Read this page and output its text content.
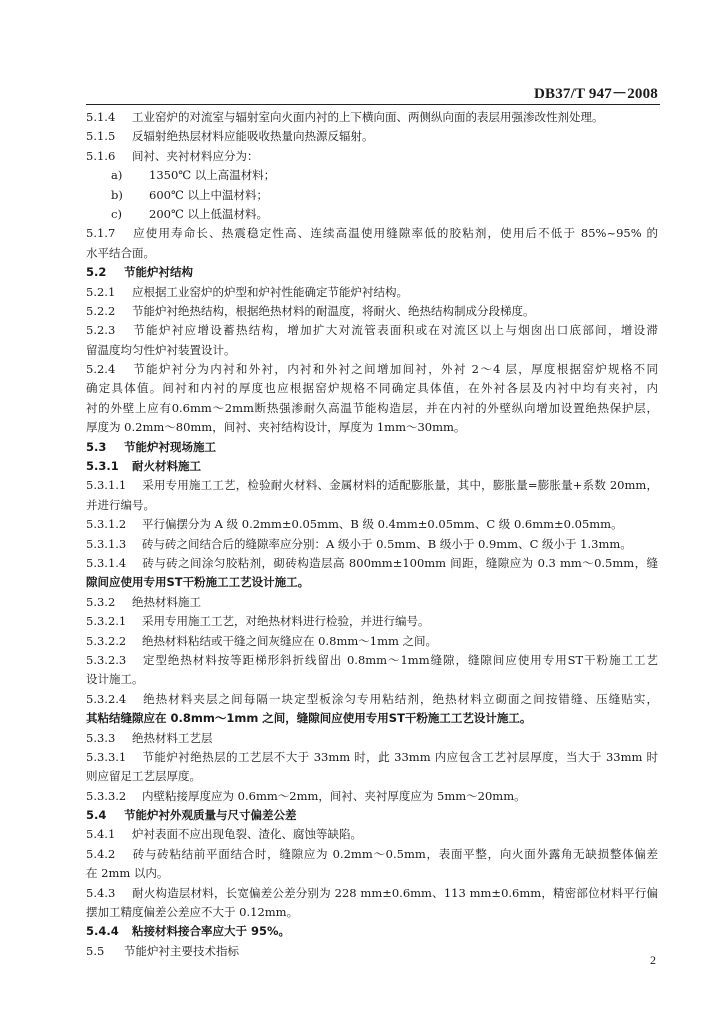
DB37/T 947－2008
5.1.4 工业窑炉的对流室与辐射室向火面内衬的上下横向面、两侧纵向面的表层用强渗改性剂处理。
5.1.5 反辐射绝热层材料应能吸收热量向热源反辐射。
5.1.6 间衬、夹衬材料应分为：
a) 1350℃ 以上高温材料；
b) 600℃ 以上中温材料；
c) 200℃ 以上低温材料。
5.1.7 应使用寿命长、热震稳定性高、连续高温使用缝隙率低的胶粘剂，使用后不低于 85%~95% 的
水平结合面。
5.2 节能炉衬结构
5.2.1 应根据工业窑炉的炉型和炉衬性能确定节能炉衬结构。
5.2.2 节能炉衬绝热结构，根据绝热材料的耐温度，将耐火、绝热结构制成分段梯度。
5.2.3 节能炉衬应增设蓄热结构，增加扩大对流管表面积或在对流区以上与烟囱出口底部间，增设滞
留温度均匀性炉衬装置设计。
5.2.4 节能炉衬分为内衬和外衬，内衬和外衬之间增加间衬，外衬 2～4 层，厚度根据窑炉规格不同
确定具体值。间衬和内衬的厚度也应根据窑炉规格不同确定具体值，在外衬各层及内衬中均有夹衬，内
衬的外壁上应有0.6mm～2mm断热强渗耐久高温节能构造层，并在内衬的外壁纵向增加设置绝热保护层，
厚度为 0.2mm～80mm，间衬、夹衬结构设计，厚度为 1mm～30mm。
5.3 节能炉衬现场施工
5.3.1 耐火材料施工
5.3.1.1 采用专用施工工艺，检验耐火材料、金属材料的适配膨胀量，其中，膨胀量=膨胀量+系数 20mm，
并进行编号。
5.3.1.2 平行偏摆分为 A 级 0.2mm±0.05mm、B 级 0.4mm±0.05mm、C 级 0.6mm±0.05mm。
5.3.1.3 砖与砖之间结合后的缝隙率应分别：A 级小于 0.5mm、B 级小于 0.9mm、C 级小于 1.3mm。
5.3.1.4 砖与砖之间涂匀胶粘剂，砌砖构造层高 800mm±100mm 间距，缝隙应为 0.3 mm～0.5mm，缝
隙间应使用专用ST干粉施工工艺设计施工。
5.3.2 绝热材料施工
5.3.2.1 采用专用施工工艺，对绝热材料进行检验，并进行编号。
5.3.2.2 绝热材料粘结或干缝之间灰缝应在 0.8mm～1mm 之间。
5.3.2.3 定型绝热材料按等距梯形斜折线留出 0.8mm～1mm缝隙，缝隙间应使用专用ST干粉施工工艺
设计施工。
5.3.2.4 绝热材料夹层之间每隔一块定型板涂匀专用粘结剂，绝热材料立砌面之间按错缝、压缝贴实，
其粘结缝隙应在 0.8mm～1mm 之间，缝隙间应使用专用ST干粉施工工艺设计施工。
5.3.3 绝热材料工艺层
5.3.3.1 节能炉衬绝热层的工艺层不大于 33mm 时，此 33mm 内应包含工艺衬层厚度，当大于 33mm 时
则应留足工艺层厚度。
5.3.3.2 内壁粘接厚度应为 0.6mm～2mm，间衬、夹衬厚度应为 5mm～20mm。
5.4 节能炉衬外观质量与尺寸偏差公差
5.4.1 炉衬表面不应出现龟裂、渣化、腐蚀等缺陷。
5.4.2 砖与砖粘结前平面结合时，缝隙应为 0.2mm～0.5mm，表面平整，向火面外露角无缺损整体偏差
在 2mm 以内。
5.4.3 耐火构造层材料，长宽偏差公差分别为 228 mm±0.6mm、113 mm±0.6mm，精密部位材料平行偏
摆加工精度偏差公差应不大于 0.12mm。
5.4.4 粘接材料接合率应大于 95%。
5.5 节能炉衬主要技术指标
2
